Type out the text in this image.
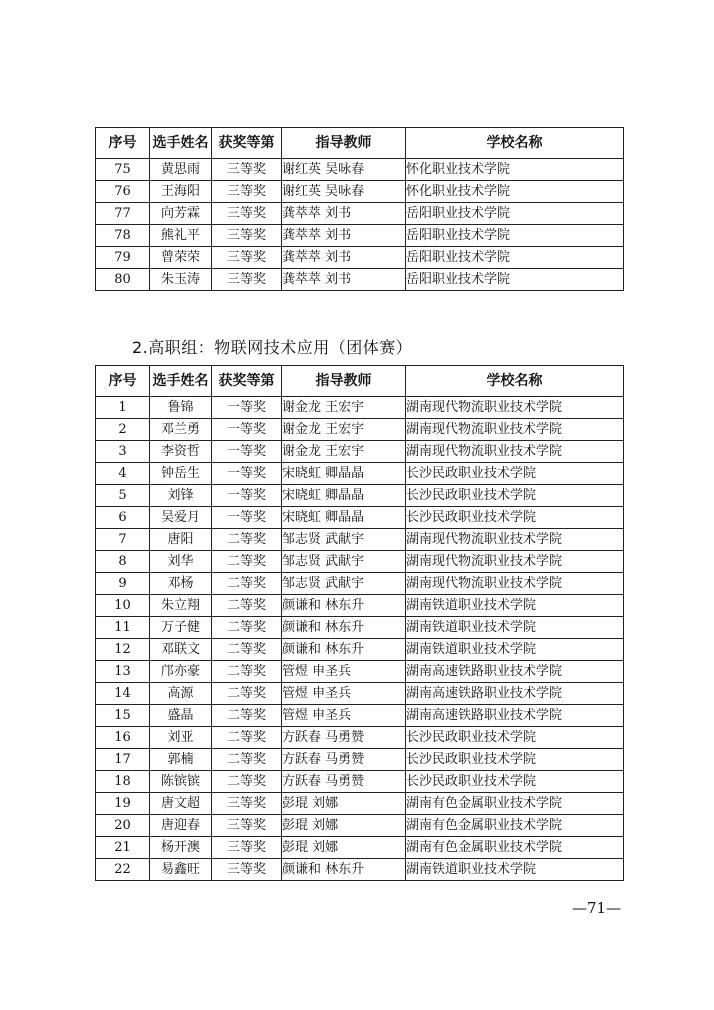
序号	选手姓名	获奖等第	指导教师	学校名称
75	黄思雨	三等奖	谢红英 吴咏春	怀化职业技术学院
76	王海阳	三等奖	谢红英 吴咏春	怀化职业技术学院
77	向芳霖	三等奖	龚萃萃 刘书	岳阳职业技术学院
78	熊礼平	三等奖	龚萃萃 刘书	岳阳职业技术学院
79	曾荣荣	三等奖	龚萃萃 刘书	岳阳职业技术学院
80	朱玉涛	三等奖	龚萃萃 刘书	岳阳职业技术学院
2.高职组：物联网技术应用（团体赛）
序号	选手姓名	获奖等第	指导教师	学校名称
1	鲁锦	一等奖	谢金龙 王宏宇	湖南现代物流职业技术学院
2	邓兰勇	一等奖	谢金龙 王宏宇	湖南现代物流职业技术学院
3	李资哲	一等奖	谢金龙 王宏宇	湖南现代物流职业技术学院
4	钟岳生	一等奖	宋晓虹 卿晶晶	长沙民政职业技术学院
5	刘锋	一等奖	宋晓虹 卿晶晶	长沙民政职业技术学院
6	吴爱月	一等奖	宋晓虹 卿晶晶	长沙民政职业技术学院
7	唐阳	二等奖	邹志贤 武献宇	湖南现代物流职业技术学院
8	刘华	二等奖	邹志贤 武献宇	湖南现代物流职业技术学院
9	邓杨	二等奖	邹志贤 武献宇	湖南现代物流职业技术学院
10	朱立翔	二等奖	颜谦和 林东升	湖南铁道职业技术学院
11	万子健	二等奖	颜谦和 林东升	湖南铁道职业技术学院
12	邓联文	二等奖	颜谦和 林东升	湖南铁道职业技术学院
13	邝亦豪	二等奖	管煜 申圣兵	湖南高速铁路职业技术学院
14	高源	二等奖	管煜 申圣兵	湖南高速铁路职业技术学院
15	盛晶	二等奖	管煜 申圣兵	湖南高速铁路职业技术学院
16	刘亚	二等奖	方跃春 马勇赞	长沙民政职业技术学院
17	郭楠	二等奖	方跃春 马勇赞	长沙民政职业技术学院
18	陈镔镔	二等奖	方跃春 马勇赞	长沙民政职业技术学院
19	唐文超	三等奖	彭琨 刘娜	湖南有色金属职业技术学院
20	唐迎春	三等奖	彭琨 刘娜	湖南有色金属职业技术学院
21	杨开澳	三等奖	彭琨 刘娜	湖南有色金属职业技术学院
22	易鑫旺	三等奖	颜谦和 林东升	湖南铁道职业技术学院
—71—
